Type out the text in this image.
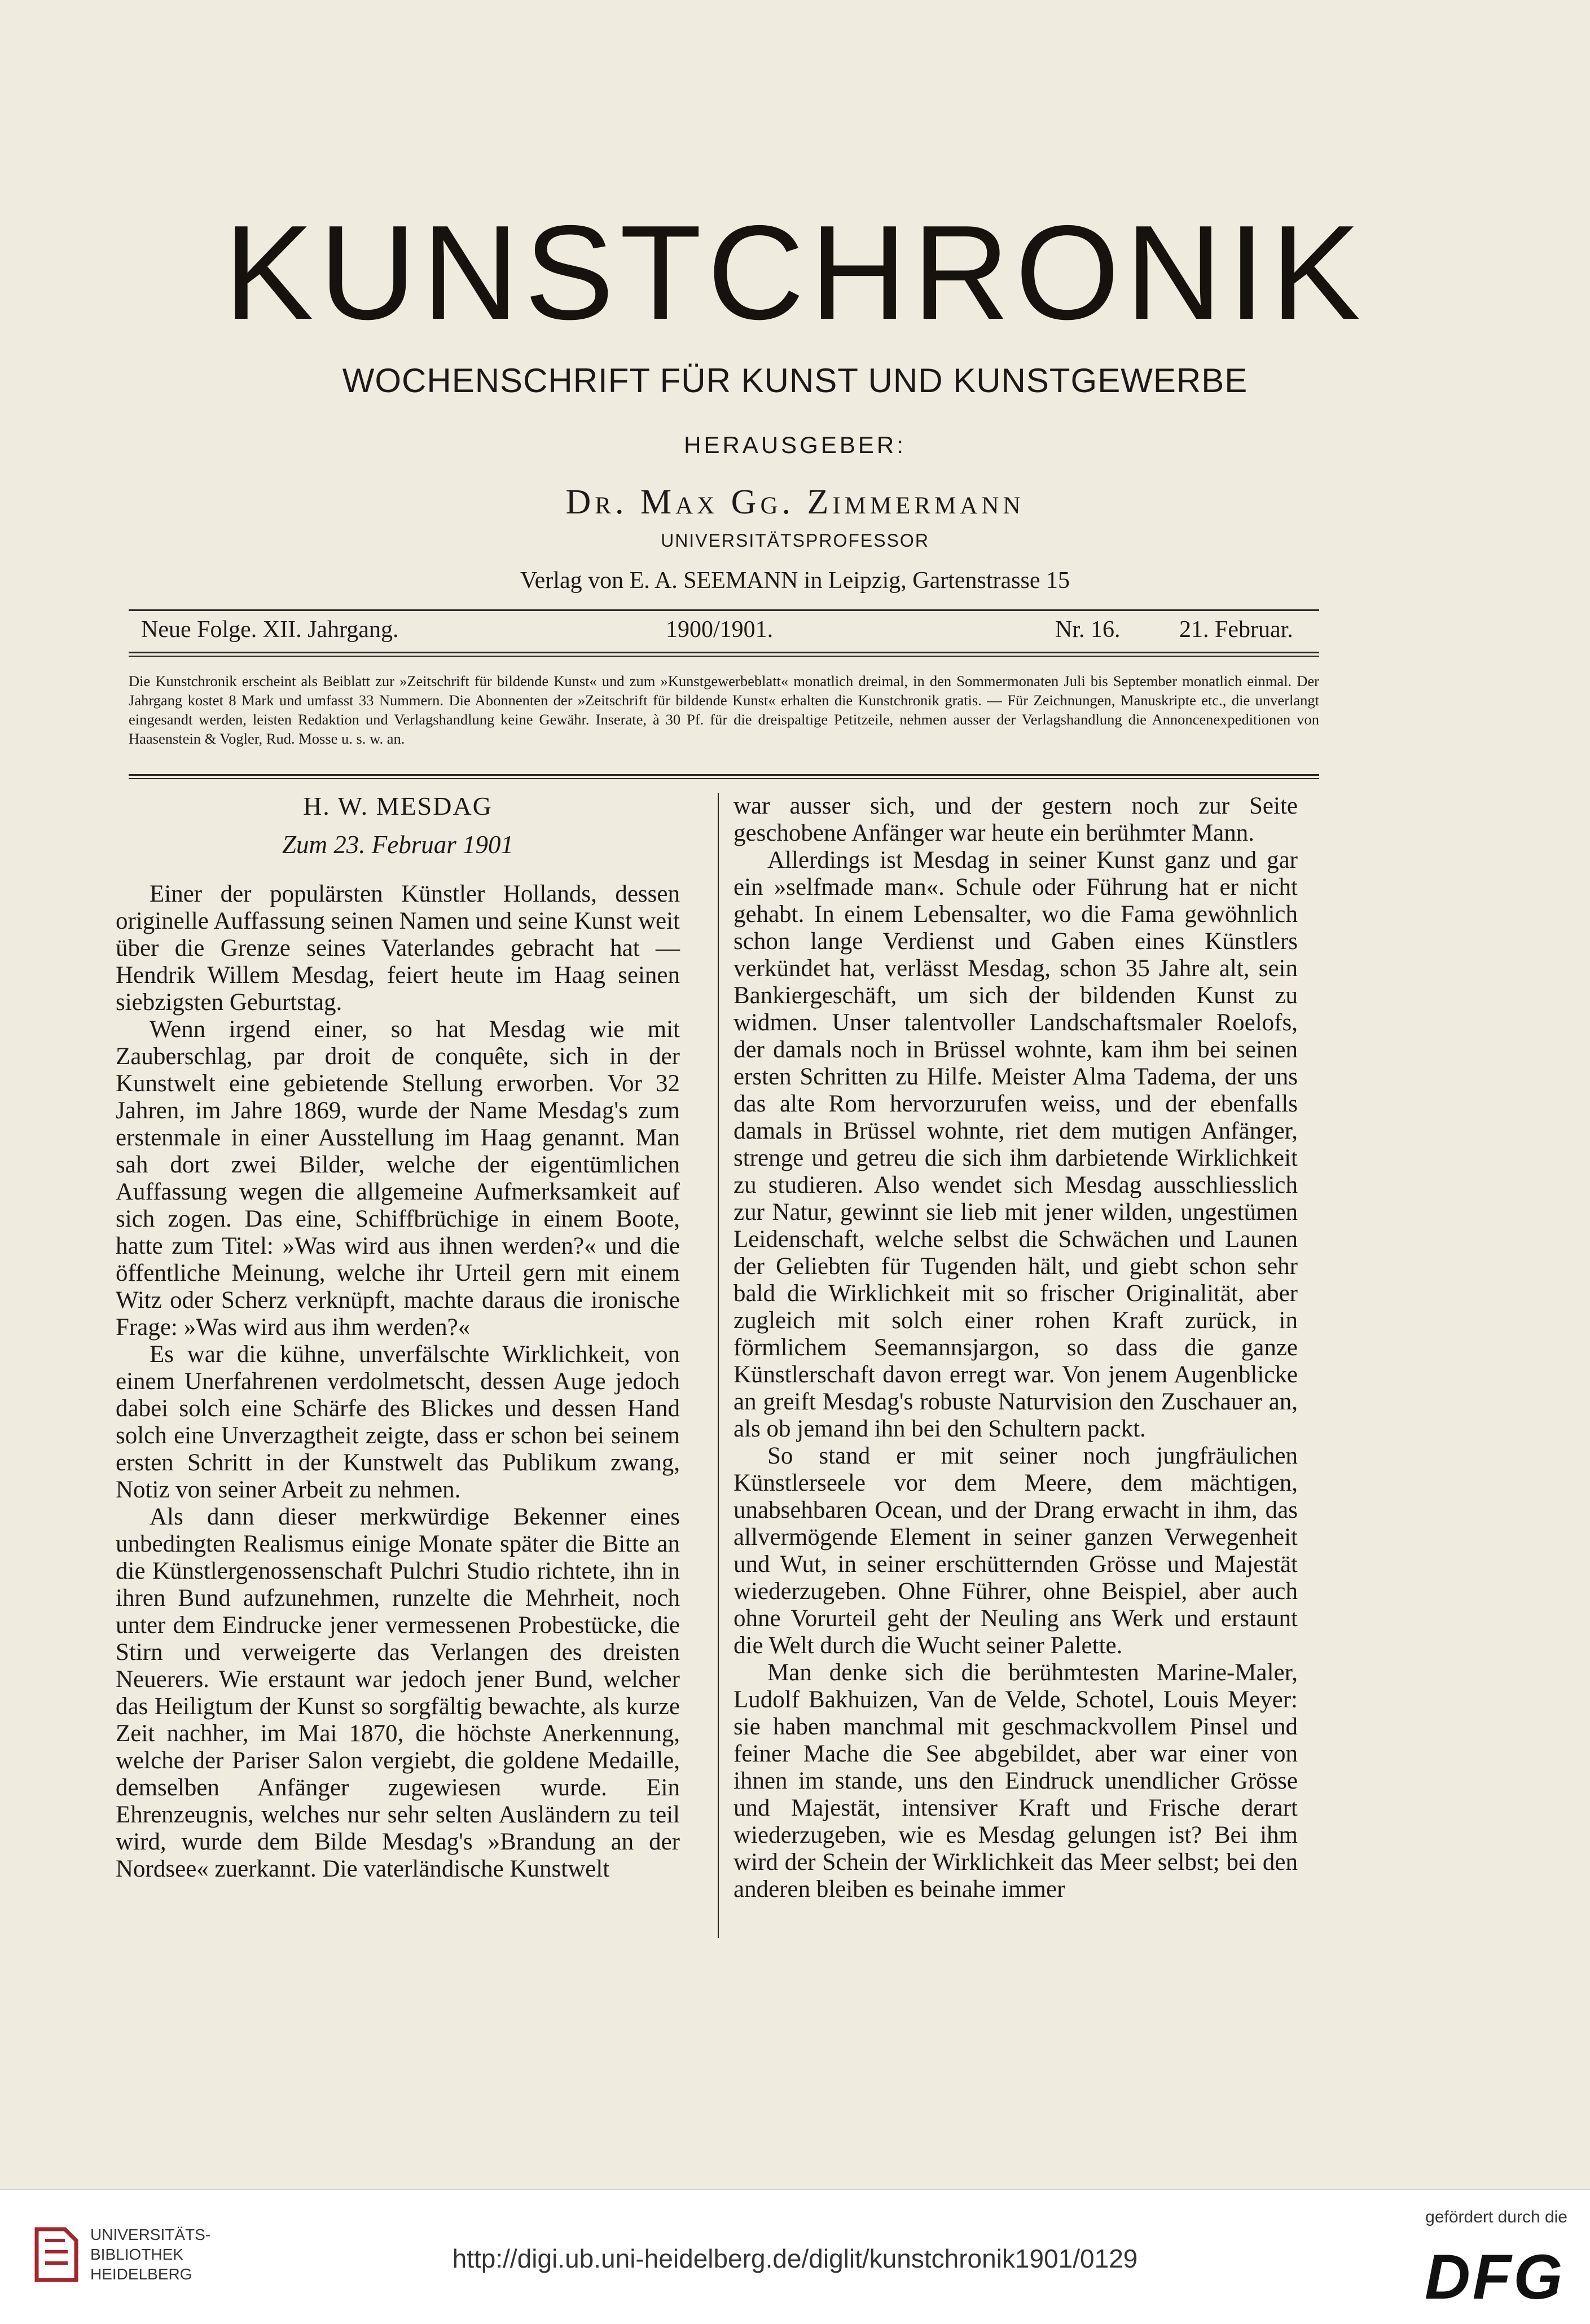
KUNSTCHRONIK
WOCHENSCHRIFT FÜR KUNST UND KUNSTGEWERBE
HERAUSGEBER:
Dr. Max Gg. Zimmermann
UNIVERSITÄTSPROFESSOR
Verlag von E. A. SEEMANN in Leipzig, Gartenstrasse 15
Neue Folge. XII. Jahrgang.	1900/1901.	Nr. 16. 21. Februar.

Die Kunstchronik erscheint als Beiblatt zur »Zeitschrift für bildende Kunst« und zum »Kunstgewerbeblatt« monatlich dreimal, in den Sommermonaten Juli bis September monatlich einmal. Der Jahrgang kostet 8 Mark und umfasst 33 Nummern. Die Abonnenten der »Zeitschrift für bildende Kunst« erhalten die Kunstchronik gratis. — Für Zeichnungen, Manuskripte etc., die unverlangt eingesandt werden, leisten Redaktion und Verlagshandlung keine Gewähr. Inserate, à 30 Pf. für die dreispaltige Petitzeile, nehmen ausser der Verlagshandlung die Annoncenexpeditionen von Haasenstein & Vogler, Rud. Mosse u. s. w. an.

H. W. MESDAG
Zum 23. Februar 1901

Einer der populärsten Künstler Hollands, dessen originelle Auffassung seinen Namen und seine Kunst weit über die Grenze seines Vaterlandes gebracht hat — Hendrik Willem Mesdag, feiert heute im Haag seinen siebzigsten Geburtstag.

Wenn irgend einer, so hat Mesdag wie mit Zauberschlag, par droit de conquête, sich in der Kunstwelt eine gebietende Stellung erworben. Vor 32 Jahren, im Jahre 1869, wurde der Name Mesdag's zum erstenmale in einer Ausstellung im Haag genannt. Man sah dort zwei Bilder, welche der eigentümlichen Auffassung wegen die allgemeine Aufmerksamkeit auf sich zogen. Das eine, Schiffbrüchige in einem Boote, hatte zum Titel: »Was wird aus ihnen werden?« und die öffentliche Meinung, welche ihr Urteil gern mit einem Witz oder Scherz verknüpft, machte daraus die ironische Frage: »Was wird aus ihm werden?«

Es war die kühne, unverfälschte Wirklichkeit, von einem Unerfahrenen verdolmetscht, dessen Auge jedoch dabei solch eine Schärfe des Blickes und dessen Hand solch eine Unverzagtheit zeigte, dass er schon bei seinem ersten Schritt in der Kunstwelt das Publikum zwang, Notiz von seiner Arbeit zu nehmen.

Als dann dieser merkwürdige Bekenner eines unbedingten Realismus einige Monate später die Bitte an die Künstlergenossenschaft Pulchri Studio richtete, ihn in ihren Bund aufzunehmen, runzelte die Mehrheit, noch unter dem Eindrucke jener vermessenen Probestücke, die Stirn und verweigerte das Verlangen des dreisten Neuerers. Wie erstaunt war jedoch jener Bund, welcher das Heiligtum der Kunst so sorgfältig bewachte, als kurze Zeit nachher, im Mai 1870, die höchste Anerkennung, welche der Pariser Salon vergiebt, die goldene Medaille, demselben Anfänger zugewiesen wurde. Ein Ehrenzeugnis, welches nur sehr selten Ausländern zu teil wird, wurde dem Bilde Mesdag's »Brandung an der Nordsee« zuerkannt. Die vaterländische Kunstwelt

war ausser sich, und der gestern noch zur Seite geschobene Anfänger war heute ein berühmter Mann.

Allerdings ist Mesdag in seiner Kunst ganz und gar ein »selfmade man«. Schule oder Führung hat er nicht gehabt. In einem Lebensalter, wo die Fama gewöhnlich schon lange Verdienst und Gaben eines Künstlers verkündet hat, verlässt Mesdag, schon 35 Jahre alt, sein Bankiergeschäft, um sich der bildenden Kunst zu widmen. Unser talentvoller Landschaftsmaler Roelofs, der damals noch in Brüssel wohnte, kam ihm bei seinen ersten Schritten zu Hilfe. Meister Alma Tadema, der uns das alte Rom hervorzurufen weiss, und der ebenfalls damals in Brüssel wohnte, riet dem mutigen Anfänger, strenge und getreu die sich ihm darbietende Wirklichkeit zu studieren. Also wendet sich Mesdag ausschliesslich zur Natur, gewinnt sie lieb mit jener wilden, ungestümen Leidenschaft, welche selbst die Schwächen und Launen der Geliebten für Tugenden hält, und giebt schon sehr bald die Wirklichkeit mit so frischer Originalität, aber zugleich mit solch einer rohen Kraft zurück, in förmlichem Seemannsjargon, so dass die ganze Künstlerschaft davon erregt war. Von jenem Augenblicke an greift Mesdag's robuste Naturvision den Zuschauer an, als ob jemand ihn bei den Schultern packt.

So stand er mit seiner noch jungfräulichen Künstlerseele vor dem Meere, dem mächtigen, unabsehbaren Ocean, und der Drang erwacht in ihm, das allvermögende Element in seiner ganzen Verwegenheit und Wut, in seiner erschütternden Grösse und Majestät wiederzugeben. Ohne Führer, ohne Beispiel, aber auch ohne Vorurteil geht der Neuling ans Werk und erstaunt die Welt durch die Wucht seiner Palette.

Man denke sich die berühmtesten Marine-Maler, Ludolf Bakhuizen, Van de Velde, Schotel, Louis Meyer: sie haben manchmal mit geschmackvollem Pinsel und feiner Mache die See abgebildet, aber war einer von ihnen im stande, uns den Eindruck unendlicher Grösse und Majestät, intensiver Kraft und Frische derart wiederzugeben, wie es Mesdag gelungen ist? Bei ihm wird der Schein der Wirklichkeit das Meer selbst; bei den anderen bleiben es beinahe immer

UNIVERSITÄTS-
BIBLIOTHEK
HEIDELBERG
http://digi.ub.uni-heidelberg.de/diglit/kunstchronik1901/0129
gefördert durch die
DFG
